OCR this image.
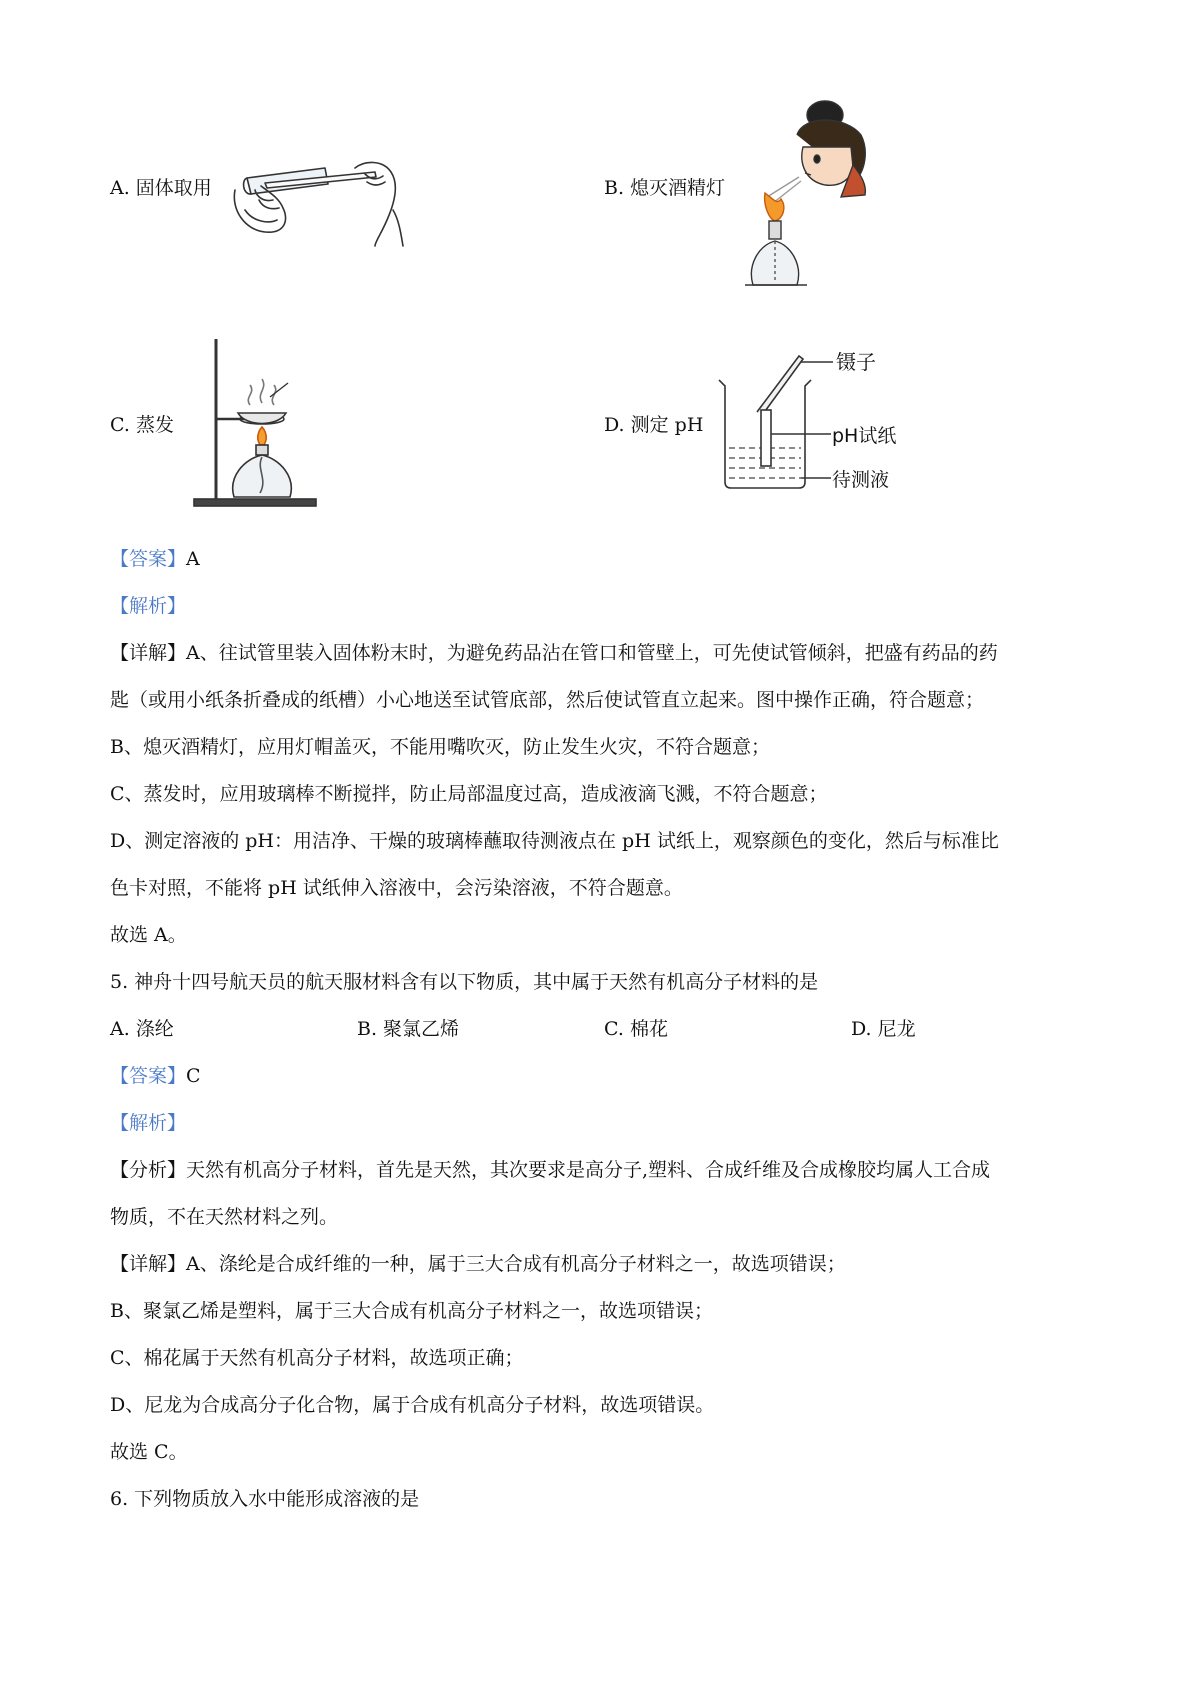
A. 固体取用	B. 熄灭酒精灯
C. 蒸发	D. 测定 pH
镊子
pH试纸
待测液
【答案】A
【解析】
【详解】A、往试管里装入固体粉末时，为避免药品沾在管口和管壁上，可先使试管倾斜，把盛有药品的药
匙（或用小纸条折叠成的纸槽）小心地送至试管底部，然后使试管直立起来。图中操作正确，符合题意；
B、熄灭酒精灯，应用灯帽盖灭，不能用嘴吹灭，防止发生火灾，不符合题意；
C、蒸发时，应用玻璃棒不断搅拌，防止局部温度过高，造成液滴飞溅，不符合题意；
D、测定溶液的 pH：用洁净、干燥的玻璃棒蘸取待测液点在 pH 试纸上，观察颜色的变化，然后与标准比
色卡对照，不能将 pH 试纸伸入溶液中，会污染溶液，不符合题意。
故选 A。
5. 神舟十四号航天员的航天服材料含有以下物质，其中属于天然有机高分子材料的是
A. 涤纶	B. 聚氯乙烯	C. 棉花	D. 尼龙
【答案】C
【解析】
【分析】天然有机高分子材料，首先是天然，其次要求是高分子,塑料、合成纤维及合成橡胶均属人工合成
物质，不在天然材料之列。
【详解】A、涤纶是合成纤维的一种，属于三大合成有机高分子材料之一，故选项错误；
B、聚氯乙烯是塑料，属于三大合成有机高分子材料之一，故选项错误；
C、棉花属于天然有机高分子材料，故选项正确；
D、尼龙为合成高分子化合物，属于合成有机高分子材料，故选项错误。
故选 C。
6. 下列物质放入水中能形成溶液的是
